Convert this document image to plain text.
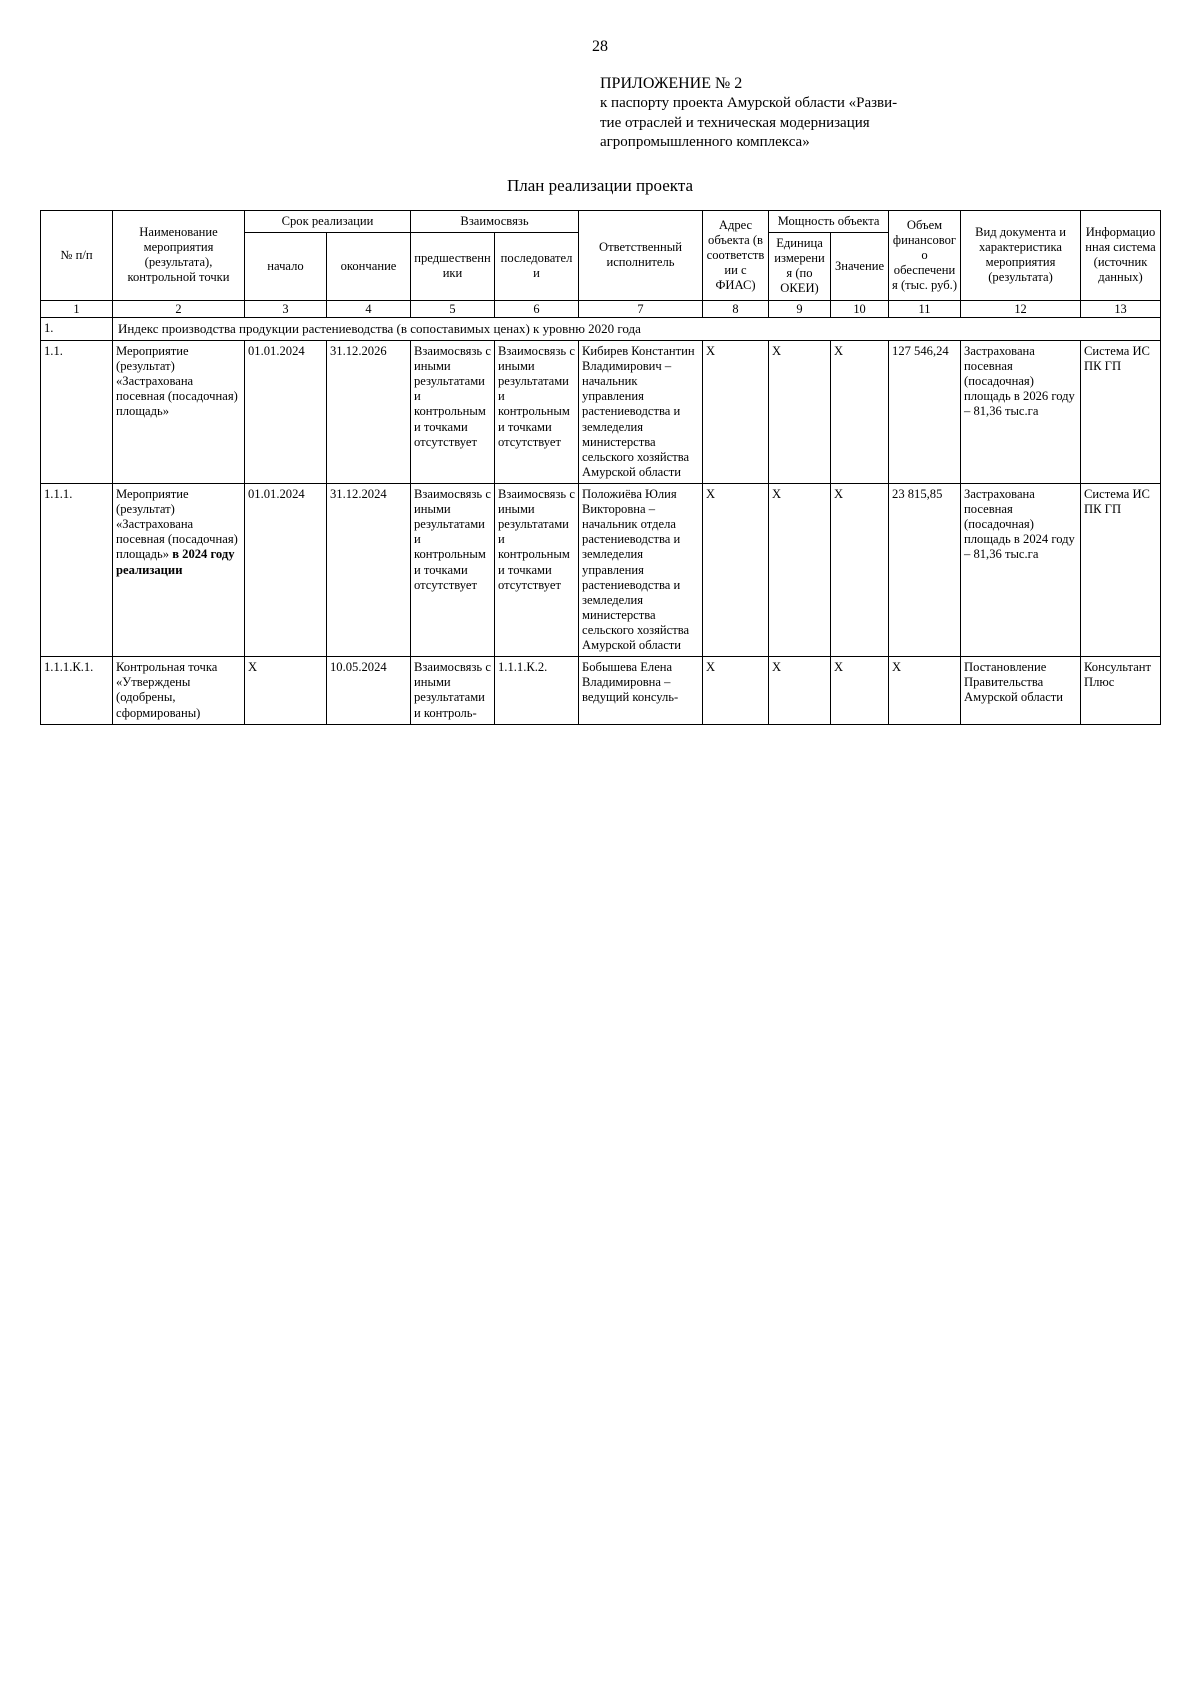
28
ПРИЛОЖЕНИЕ № 2
к паспорту проекта Амурской области «Разви-
тие отраслей и техническая модернизация
агропромышленного комплекса»
План реализации проекта
№ п/п	Наименование мероприятия (результата), контрольной точки	Срок реализации		Взаимосвязь		Ответственный исполнитель	Адрес объекта (в соответствии с ФИАС)	Мощность объекта		Объем финансового обеспечения (тыс. руб.)	Вид документа и характеристика мероприятия (результата)	Информационная система (источник данных)
		начало	окончание	предшественники	последователи			Единица измерения (по ОКЕИ)	Значение			
1	2	3	4	5	6	7	8	9	10	11	12	13
1.	Индекс производства продукции растениеводства (в сопоставимых ценах) к уровню 2020 года											
1.1.	Мероприятие (результат) «Застрахована посевная (посадочная) площадь»	01.01.2024	31.12.2026	Взаимосвязь с иными результатами и контрольными точками отсутствует	Взаимосвязь с иными результатами и контрольными точками отсутствует	Кибирев Константин Владимирович – начальник управления растениеводства и земледелия министерства сельского хозяйства Амурской области	X	X	X	127 546,24	Застрахована посевная (посадочная) площадь в 2026 году – 81,36 тыс.га	Система ИС ПК ГП
1.1.1.	Мероприятие (результат) «Застрахована посевная (посадочная) площадь» в 2024 году реализации	01.01.2024	31.12.2024	Взаимосвязь с иными результатами и контрольными точками отсутствует	Взаимосвязь с иными результатами и контрольными точками отсутствует	Положиёва Юлия Викторовна – начальник отдела растениеводства и земледелия управления растениеводства и земледелия министерства сельского хозяйства Амурской области	X	X	X	23 815,85	Застрахована посевная (посадочная) площадь в 2024 году – 81,36 тыс.га	Система ИС ПК ГП
1.1.1.К.1.	Контрольная точка «Утверждены (одобрены, сформированы)	X	10.05.2024	Взаимосвязь с иными результатами и контроль-	1.1.1.К.2.	Бобышева Елена Владимировна – ведущий консуль-	X	X	X	X	Постановление Правительства Амурской области	Консультант Плюс
